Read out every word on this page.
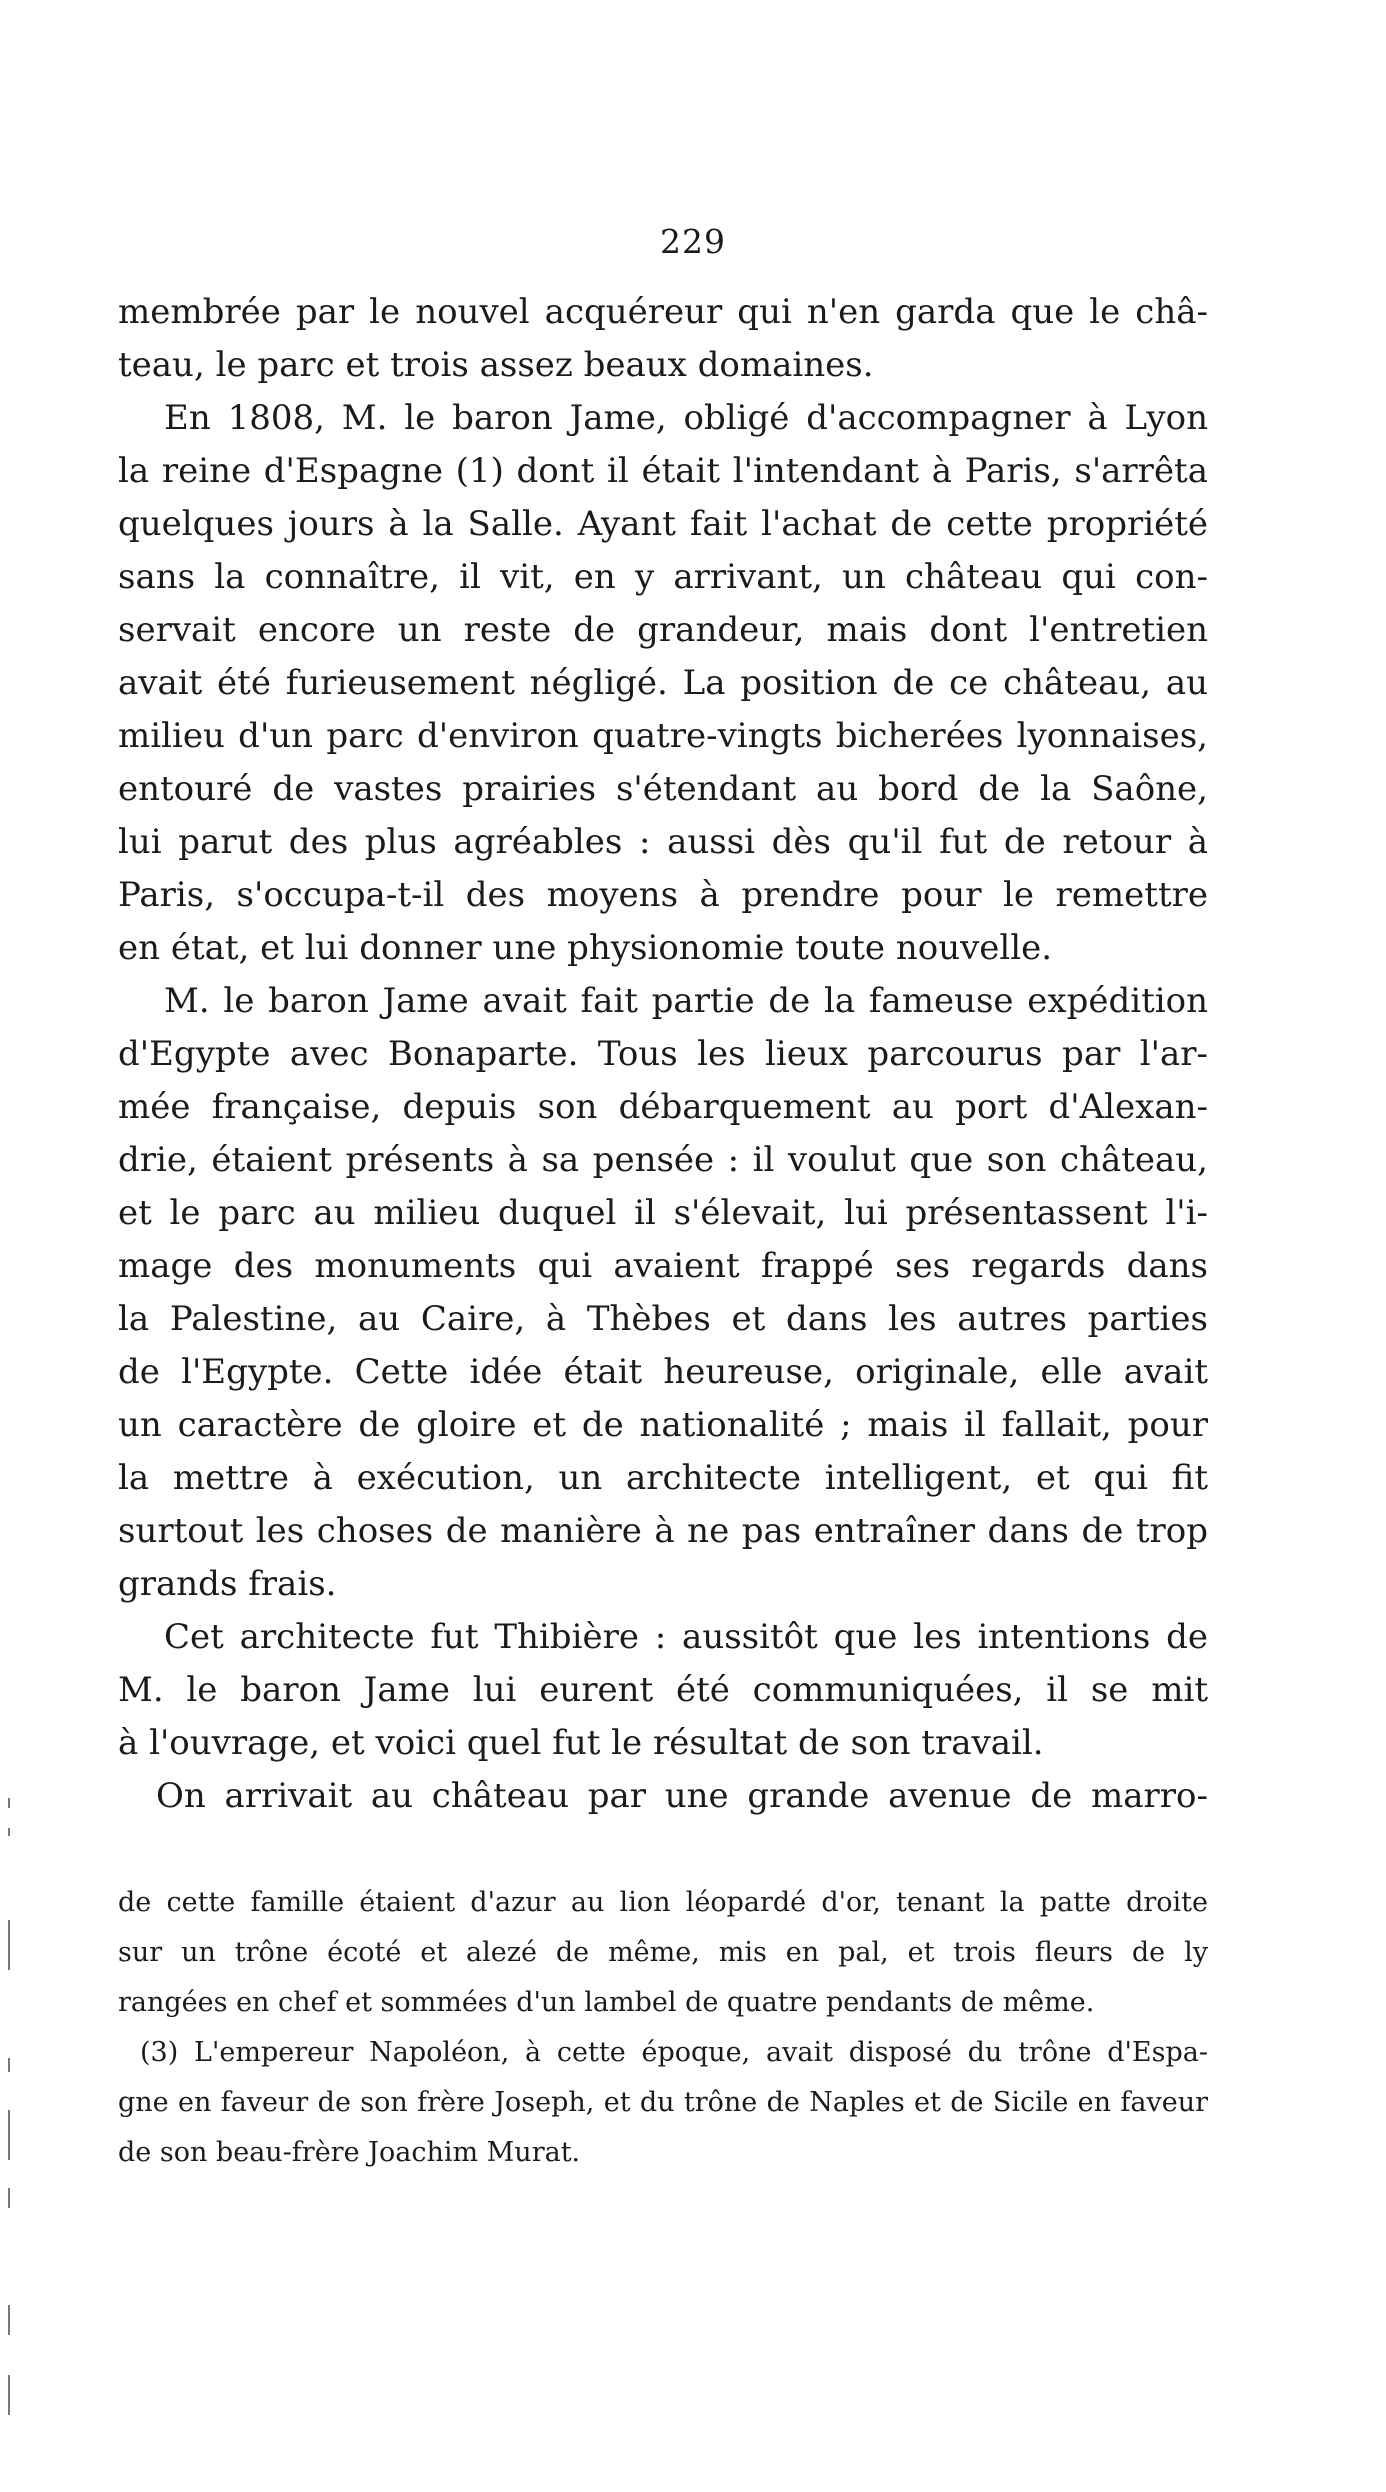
229
membrée par le nouvel acquéreur qui n'en garda que le châ-
teau, le parc et trois assez beaux domaines.
En 1808, M. le baron Jame, obligé d'accompagner à Lyon
la reine d'Espagne (1) dont il était l'intendant à Paris, s'arrêta
quelques jours à la Salle. Ayant fait l'achat de cette propriété
sans la connaître, il vit, en y arrivant, un château qui con-
servait encore un reste de grandeur, mais dont l'entretien
avait été furieusement négligé. La position de ce château, au
milieu d'un parc d'environ quatre-vingts bicherées lyonnaises,
entouré de vastes prairies s'étendant au bord de la Saône,
lui parut des plus agréables : aussi dès qu'il fut de retour à
Paris, s'occupa-t-il des moyens à prendre pour le remettre
en état, et lui donner une physionomie toute nouvelle.
M. le baron Jame avait fait partie de la fameuse expédition
d'Egypte avec Bonaparte. Tous les lieux parcourus par l'ar-
mée française, depuis son débarquement au port d'Alexan-
drie, étaient présents à sa pensée : il voulut que son château,
et le parc au milieu duquel il s'élevait, lui présentassent l'i-
mage des monuments qui avaient frappé ses regards dans
la Palestine, au Caire, à Thèbes et dans les autres parties
de l'Egypte. Cette idée était heureuse, originale, elle avait
un caractère de gloire et de nationalité ; mais il fallait, pour
la mettre à exécution, un architecte intelligent, et qui fit
surtout les choses de manière à ne pas entraîner dans de trop
grands frais.
Cet architecte fut Thibière : aussitôt que les intentions de
M. le baron Jame lui eurent été communiquées, il se mit
à l'ouvrage, et voici quel fut le résultat de son travail.
On arrivait au château par une grande avenue de marro-
de cette famille étaient d'azur au lion léopardé d'or, tenant la patte droite
sur un trône écoté et alezé de même, mis en pal, et trois fleurs de ly
rangées en chef et sommées d'un lambel de quatre pendants de même.
(3) L'empereur Napoléon, à cette époque, avait disposé du trône d'Espa-
gne en faveur de son frère Joseph, et du trône de Naples et de Sicile en faveur
de son beau-frère Joachim Murat.
